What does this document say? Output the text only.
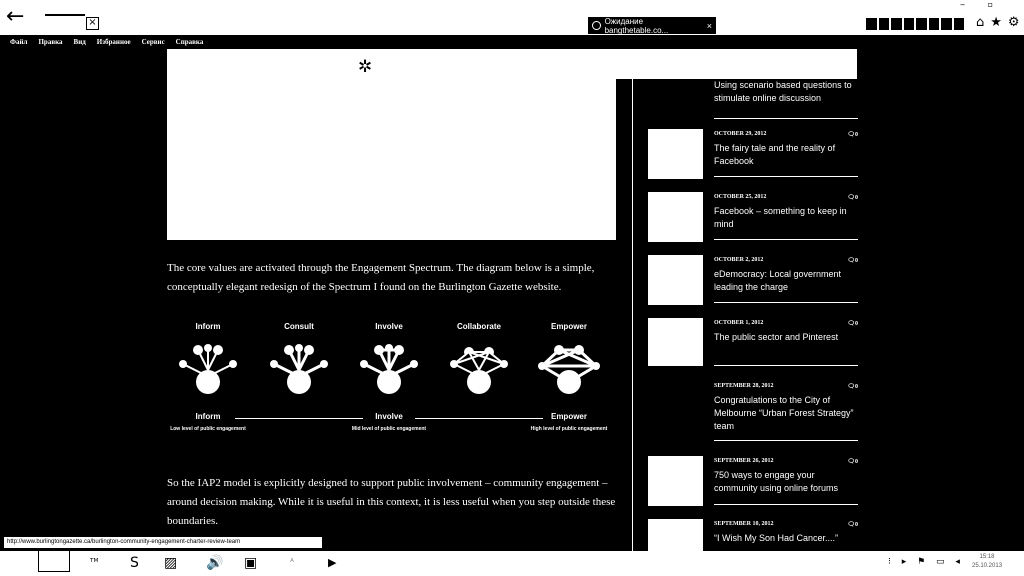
←	×	Ожидание bangthetable.co...	×	⌂ ★ ⚙
‒ ▫
Файл Правка Вид Избранное Сервис Справка
✲

The core values are activated through the Engagement Spectrum. The diagram below is a simple, conceptually elegant redesign of the Spectrum I found on the Burlington Gazette website.

Inform	Consult	Involve	Collaborate	Empower
Inform	Involve	Empower
Low level of public engagement	Mid level of public engagement	High level of public engagement

So the IAP2 model is explicitly designed to support public involvement – community engagement – around decision making. While it is useful in this context, it is less useful when you step outside these boundaries.

Using scenario based questions to stimulate online discussion
OCTOBER 29, 2012	🗨0
The fairy tale and the reality of Facebook
OCTOBER 25, 2012	🗨0
Facebook – something to keep in mind
OCTOBER 2, 2012	🗨0
eDemocracy: Local government leading the charge
OCTOBER 1, 2012	🗨0
The public sector and Pinterest
SEPTEMBER 28, 2012	🗨0
Congratulations to the City of Melbourne “Urban Forest Strategy” team
SEPTEMBER 26, 2012	🗨0
750 ways to engage your community using online forums
SEPTEMBER 10, 2012	🗨0
“I Wish My Son Had Cancer....”
http://www.burlingtongazette.ca/burlington-community-engagement-charter-review-team
ᵀᴹ S ▨ 🔊 ▣	ᴬ	▶	⁝ ▸ ⚑ ▭ ◂	15:18
25.10.2013
